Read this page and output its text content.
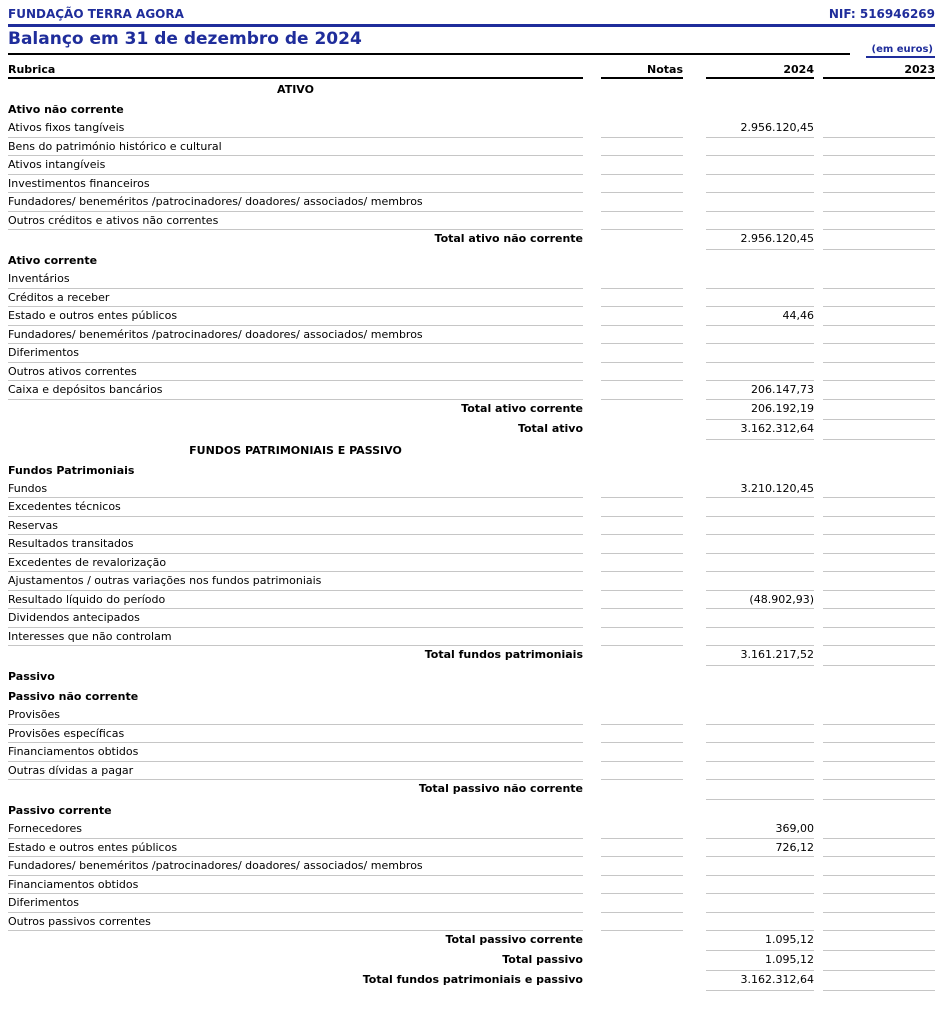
FUNDAÇÃO TERRA AGORA	NIF: 516946269
Balanço em 31 de dezembro de 2024
(em euros)
Rubrica	Notas	2024	2023
ATIVO
Ativo não corrente
Ativos fixos tangíveis	2.956.120,45
Bens do património histórico e cultural
Ativos intangíveis
Investimentos financeiros
Fundadores/ beneméritos /patrocinadores/ doadores/ associados/ membros
Outros créditos e ativos não correntes
Total ativo não corrente	2.956.120,45
Ativo corrente
Inventários
Créditos a receber
Estado e outros entes públicos	44,46
Fundadores/ beneméritos /patrocinadores/ doadores/ associados/ membros
Diferimentos
Outros ativos correntes
Caixa e depósitos bancários	206.147,73
Total ativo corrente	206.192,19
Total ativo	3.162.312,64
FUNDOS PATRIMONIAIS E PASSIVO
Fundos Patrimoniais
Fundos	3.210.120,45
Excedentes técnicos
Reservas
Resultados transitados
Excedentes de revalorização
Ajustamentos / outras variações nos fundos patrimoniais
Resultado líquido do período	(48.902,93)
Dividendos antecipados
Interesses que não controlam
Total fundos patrimoniais	3.161.217,52
Passivo
Passivo não corrente
Provisões
Provisões específicas
Financiamentos obtidos
Outras dívidas a pagar
Total passivo não corrente
Passivo corrente
Fornecedores	369,00
Estado e outros entes públicos	726,12
Fundadores/ beneméritos /patrocinadores/ doadores/ associados/ membros
Financiamentos obtidos
Diferimentos
Outros passivos correntes
Total passivo corrente	1.095,12
Total passivo	1.095,12
Total fundos patrimoniais e passivo	3.162.312,64
